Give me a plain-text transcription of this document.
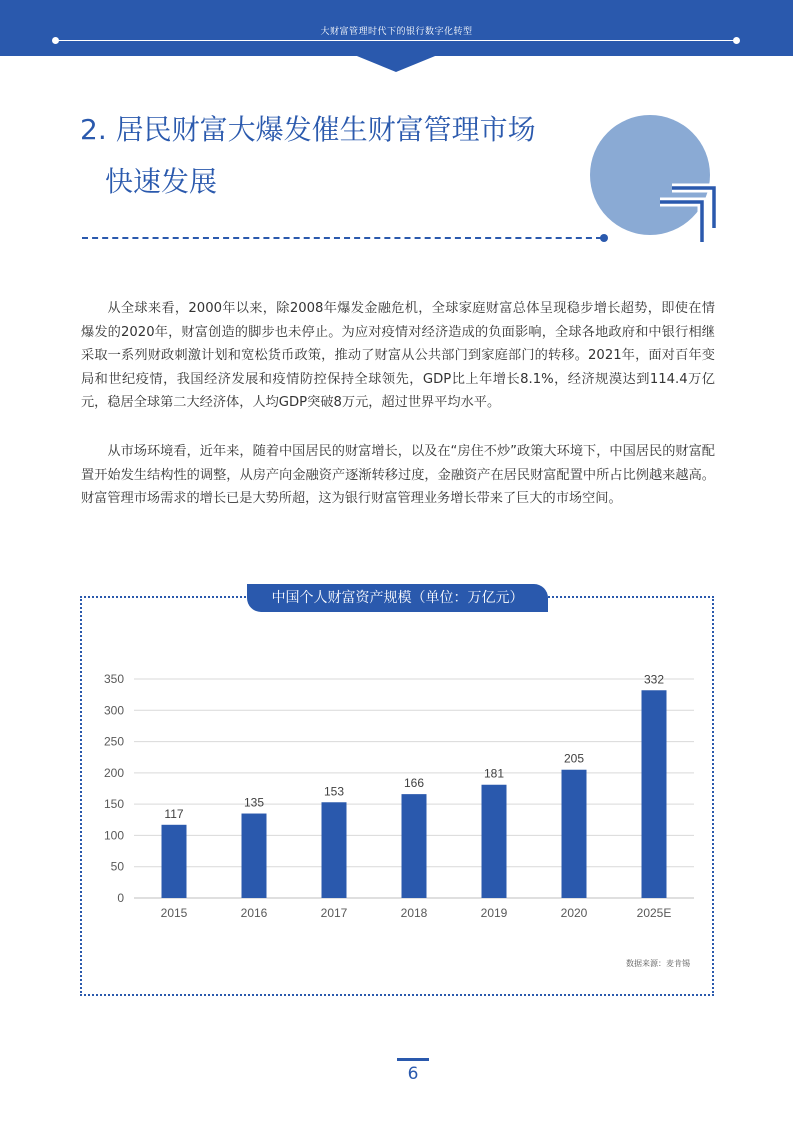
大财富管理时代下的银行数字化转型
2. 居民财富大爆发催生财富管理市场
快速发展

从全球来看，2000年以来，除2008年爆发金融危机，全球家庭财富总体呈现稳步增长超势，即使在情爆发的2020年，财富创造的脚步也未停止。为应对疫情对经济造成的负面影响，全球各地政府和中银行相继采取一系列财政刺激计划和宽松货币政策，推动了财富从公共部门到家庭部门的转移。2021年，面对百年变局和世纪疫情，我国经济发展和疫情防控保持全球领先，GDP比上年增长8.1%，经济规漠达到114.4万亿元，稳居全球第二大经济体，人均GDP突破8万元，超过世界平均水平。

从市场环境看，近年来，随着中国居民的财富增长，以及在“房住不炒”政策大环境下，中国居民的财富配置开始发生结构性的调整，从房产向金融资产逐渐转移过度，金融资产在居民财富配置中所占比例越来越高。财富管理市场需求的增长已是大势所超，这为银行财富管理业务增长带来了巨大的市场空间。

中国个人财富资产规模（单位：万亿元）
0
50
100
150
200
250
300
350
117
2015
135
2016
153
2017
166
2018
181
2019
205
2020
332
2025E
数据来源：麦肯锡
6
